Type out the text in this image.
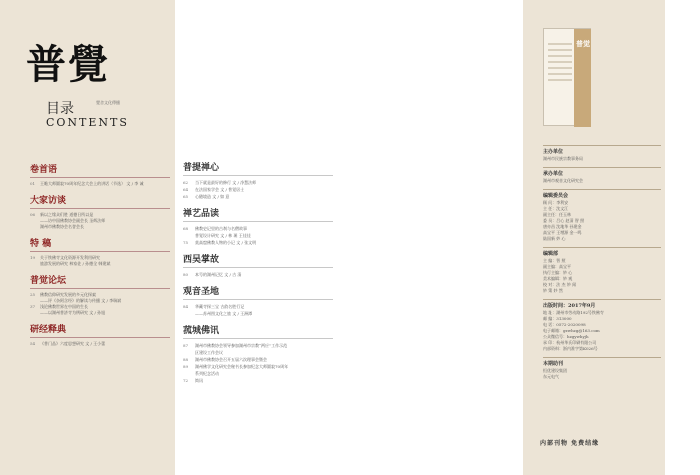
普覺
覺舍文化傳播
目录
CONTENTS
卷首语
01	王瞻大师圆寂70周年纪念大会上的讲话（节选） 文 / 李 诚
大家访谈
06	新以之缘众们胜 道德日所以是
——访中国佛教协会副会长 圣辉法师
湖州市佛教协会名誉会长
特 稿
19	关于铁佛寺文化资源开发利用研究
旅游发展的研究 林家佐 / 孙德全 韩建斌
普觉论坛
25	佛教信仰研究发展的多元化探索
——评《杂阿含经》的解读与传播 文 / 李瑞斌
37	浅论佛教世界在中国的生长
——以湖州普济寺为例研究 文 / 孙旭
研经释典
54	《普门品》六度思想研究 文 / 王小蕾
普提禅心
62	当下就是最好的修行 文 / 净慧法师
64	在法国家学会 文 / 普觉居士
65	心随境造 文 / 如 意
禅艺品读
68	佛教史记里的古刹与名僧故事
普觉设计研究 文 / 林 瑛 王佳佳
75	莫高窟佛教人物的小记 文 / 张文明
西吴掌故
80	本号的湖州记忆 文 / 古 清
观音圣地
84	华藏寺探三宝 古韵名胜行记
——苏州图文化之旅 文 / 王洲潭
菰城佛讯
87	湖州市佛教协会领导参加湖州市宗教“两应”工作示范
区建设工作会议
88	湖州市佛教协会召开五届六次理事会暨会
89	湖州佛学文化研究会秘书长参加纪念大师圆寂70周年
系列纪念活动
72	简讯
普觉
主办单位
湖州市民族宗教事务局
承办单位
湖州市观音文化研究会
编辑委员会
顾 问：李利安
主 任：沈文江
副主任：任玉林
委 员：吕心 赵清 智 照
唐亦昌 沈地华 孙建金
高宝平 王增源 金一鸣
陆国新 妙 心
编辑部
主 编：智 照
副主编：高宝平
执行主编：妙 心
美术编辑：妙 观
校 对：法 杰 妙 闻
妙 策 妙 然
出版时间：2017年9月
地 址：湖州市劳动路192号铁佛寺
邮 编：313000
电 话：0572-2020098
电子邮箱：gzwhzg@163.com
公众微信号：hzgywhyjh
承 印：杭州华氏印刷有限公司
内部资料：浙内准字第K026号
本期助刊
恒优建设集团
东元电气
内部刊物 免费结缘
